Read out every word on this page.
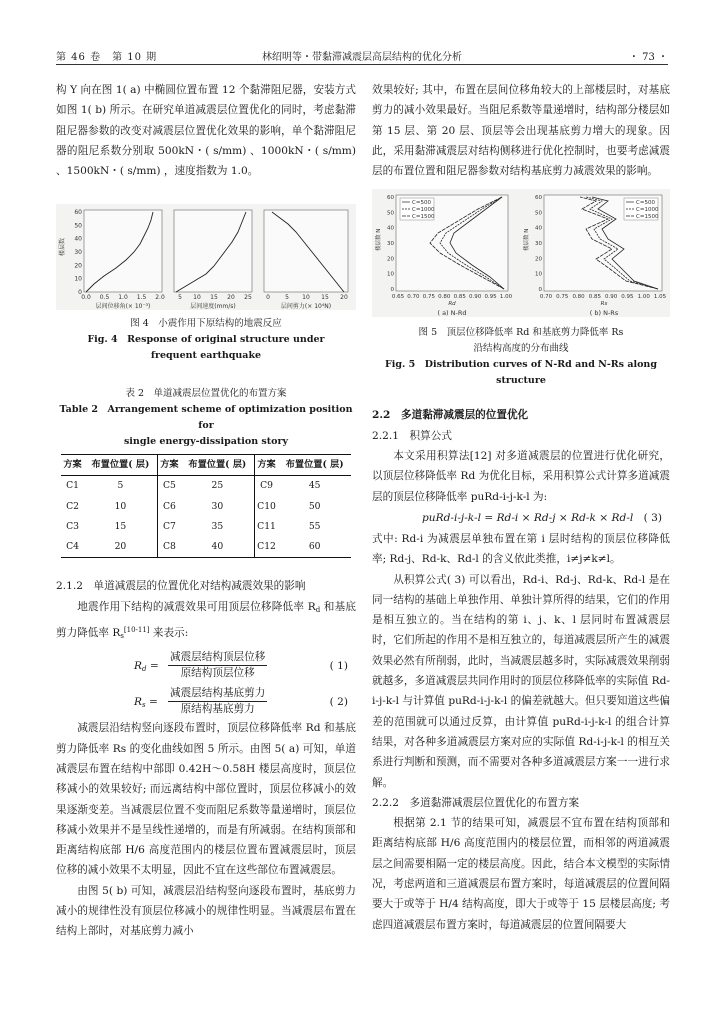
第 46 卷　第 10 期	林绍明等・带黏滞减震层高层结构的优化分析	・ 73 ・

构 Y 向在图 1( a) 中椭圆位置布置 12 个黏滞阻尼器，安装方式如图 1( b) 所示。在研究单道减震层位置优化的同时，考虑黏滞阻尼器参数的改变对减震层位置优化效果的影响，单个黏滞阻尼器的阻尼系数分别取 500kN・( s/mm) 、1000kN・( s/mm) 、1500kN・( s/mm) ，速度指数为 1.0。

楼层数
60
50
40
30
20
10
0
0.0 0.5 1.0 1.5 2.0
层间位移角(× 10⁻³)
5 10 15 20 25
层间速度(mm/s)
0	5 10 15 20
层间剪力(× 10⁴N)
图 4　小震作用下原结构的地震反应
Fig. 4　Response of original structure under
frequent earthquake
表 2　单道减震层位置优化的布置方案
Table 2　Arrangement scheme of optimization position for
single energy-dissipation story
方案	布置位置( 层)	方案	布置位置( 层)	方案	布置位置( 层)
C1	5	C5	25	C9	45
C2	10	C6	30	C10	50
C3	15	C7	35	C11	55
C4	20	C8	40	C12	60

2.1.2　单道减震层的位置优化对结构减震效果的影响

地震作用下结构的减震效果可用顶层位移降低率 $R_d$ 和基底剪力降低率 $R_s[10-11]$ 来表示:

$R_d$ =
减震层结构顶层位移
原结构顶层位移
( 1)
$R_s$ =
减震层结构基底剪力
原结构基底剪力
( 2)

减震层沿结构竖向逐段布置时，顶层位移降低率 Rd 和基底剪力降低率 Rs 的变化曲线如图 5 所示。由图 5( a) 可知，单道减震层布置在结构中部即 0.42H～0.58H 楼层高度时，顶层位移减小的效果较好; 而远离结构中部位置时，顶层位移减小的效果逐渐变差。当减震层位置不变而阻尼系数等量递增时，顶层位移减小效果并不是呈线性递增的，而是有所减弱。在结构顶部和距离结构底部 H/6 高度范围内的楼层位置布置减震层时，顶层位移的减小效果不太明显，因此不宜在这些部位布置减震层。

由图 5( b) 可知，减震层沿结构竖向逐段布置时，基底剪力减小的规律性没有顶层位移减小的规律性明显。当减震层布置在结构上部时，对基底剪力减小

效果较好; 其中，布置在层间位移角较大的上部楼层时，对基底剪力的减小效果最好。当阻尼系数等量递增时，结构部分楼层如第 15 层、第 20 层、顶层等会出现基底剪力增大的现象。因此，采用黏滞减震层对结构侧移进行优化控制时，也要考虑减震层的布置位置和阻尼器参数对结构基底剪力减震效果的影响。

楼层数 N
60
50
40
30
20
10
0
0.65 0.70 0.75 0.80 0.85 0.90 0.95 1.00
Rd
( a) N-Rd
楼层数 N
60
50
40
30
20
10
0
0.70 0.75 0.80 0.85 0.90 0.95 1.00 1.05
Rs
( b) N-Rs
C=500
C=1000
C=1500
C=500
C=1000
C=1500
图 5　顶层位移降低率 Rd 和基底剪力降低率 Rs
沿结构高度的分布曲线
Fig. 5　Distribution curves of N-Rd and N-Rs along structure

2.2　多道黏滞减震层的位置优化

2.2.1　积算公式

本文采用积算法[12] 对多道减震层的位置进行优化研究，以顶层位移降低率 Rd 为优化目标，采用积算公式计算多道减震层的顶层位移降低率 puRd-i-j-k-l 为:

puRd-i-j-k-l = Rd-i × Rd-j × Rd-k × Rd-l ( 3)

式中: Rd-i 为减震层单独布置在第 i 层时结构的顶层位移降低率; Rd-j、Rd-k、Rd-l 的含义依此类推，i≠j≠k≠l。

从积算公式( 3) 可以看出，Rd-i、Rd-j、Rd-k、Rd-l 是在同一结构的基础上单独作用、单独计算所得的结果，它们的作用是相互独立的。当在结构的第 i、j、k、l 层同时布置减震层时，它们所起的作用不是相互独立的，每道减震层所产生的减震效果必然有所削弱，此时，当减震层越多时，实际减震效果削弱就越多，多道减震层共同作用时的顶层位移降低率的实际值 Rd-i-j-k-l 与计算值 puRd-i-j-k-l 的偏差就越大。但只要知道这些偏差的范围就可以通过反算，由计算值 puRd-i-j-k-l 的组合计算结果，对各种多道减震层方案对应的实际值 Rd-i-j-k-l 的相互关系进行判断和预测，而不需要对各种多道减震层方案一一进行求解。

2.2.2　多道黏滞减震层位置优化的布置方案

根据第 2.1 节的结果可知，减震层不宜布置在结构顶部和距离结构底部 H/6 高度范围内的楼层位置，而相邻的两道减震层之间需要相隔一定的楼层高度。因此，结合本文模型的实际情况，考虑两道和三道减震层布置方案时，每道减震层的位置间隔要大于或等于 H/4 结构高度，即大于或等于 15 层楼层高度; 考虑四道减震层布置方案时，每道减震层的位置间隔要大
